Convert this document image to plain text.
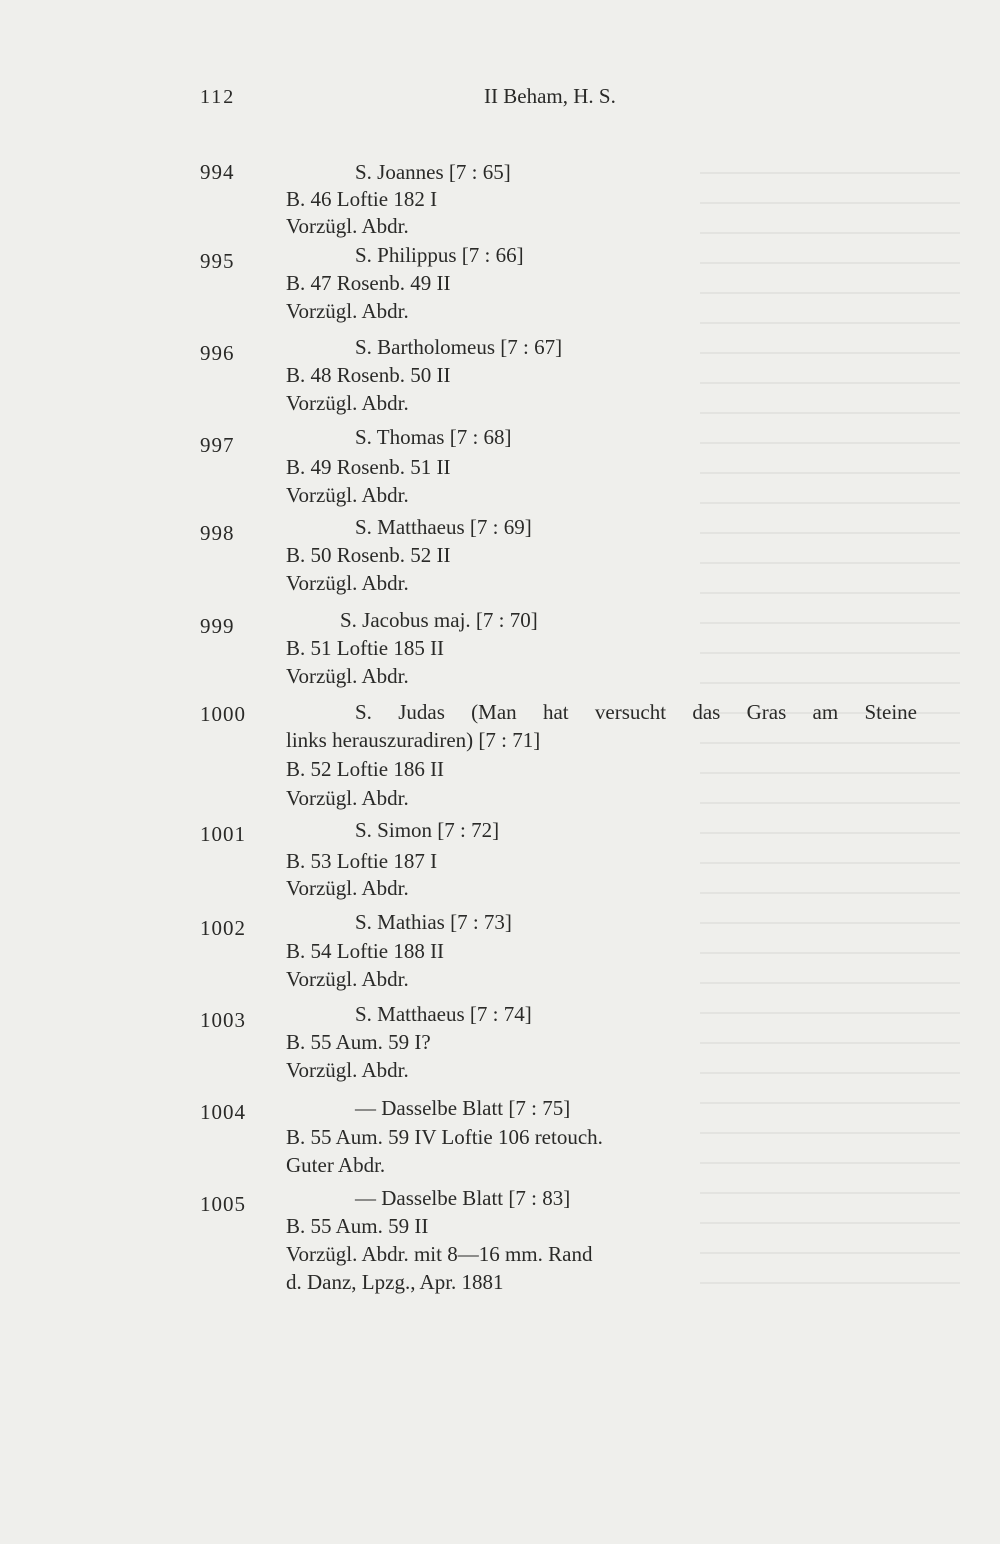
112	II Beham, H. S.
994	S. Joannes [7 : 65]
B. 46 Loftie 182 I
Vorzügl. Abdr.
995	S. Philippus [7 : 66]
B. 47 Rosenb. 49 II
Vorzügl. Abdr.
996	S. Bartholomeus [7 : 67]
B. 48 Rosenb. 50 II
Vorzügl. Abdr.
997	S. Thomas [7 : 68]
B. 49 Rosenb. 51 II
Vorzügl. Abdr.
998	S. Matthaeus [7 : 69]
B. 50 Rosenb. 52 II
Vorzügl. Abdr.
999	S. Jacobus maj. [7 : 70]
B. 51 Loftie 185 II
Vorzügl. Abdr.
1000	S. Judas (Man hat versucht das Gras am Steine
links herauszuradiren) [7 : 71]
B. 52 Loftie 186 II
Vorzügl. Abdr.
1001	S. Simon [7 : 72]
B. 53 Loftie 187 I
Vorzügl. Abdr.
1002	S. Mathias [7 : 73]
B. 54 Loftie 188 II
Vorzügl. Abdr.
1003	S. Matthaeus [7 : 74]
B. 55 Aum. 59 I?
Vorzügl. Abdr.
1004	— Dasselbe Blatt [7 : 75]
B. 55 Aum. 59 IV Loftie 106 retouch.
Guter Abdr.
1005	— Dasselbe Blatt [7 : 83]
B. 55 Aum. 59 II
Vorzügl. Abdr. mit 8—16 mm. Rand
d. Danz, Lpzg., Apr. 1881
